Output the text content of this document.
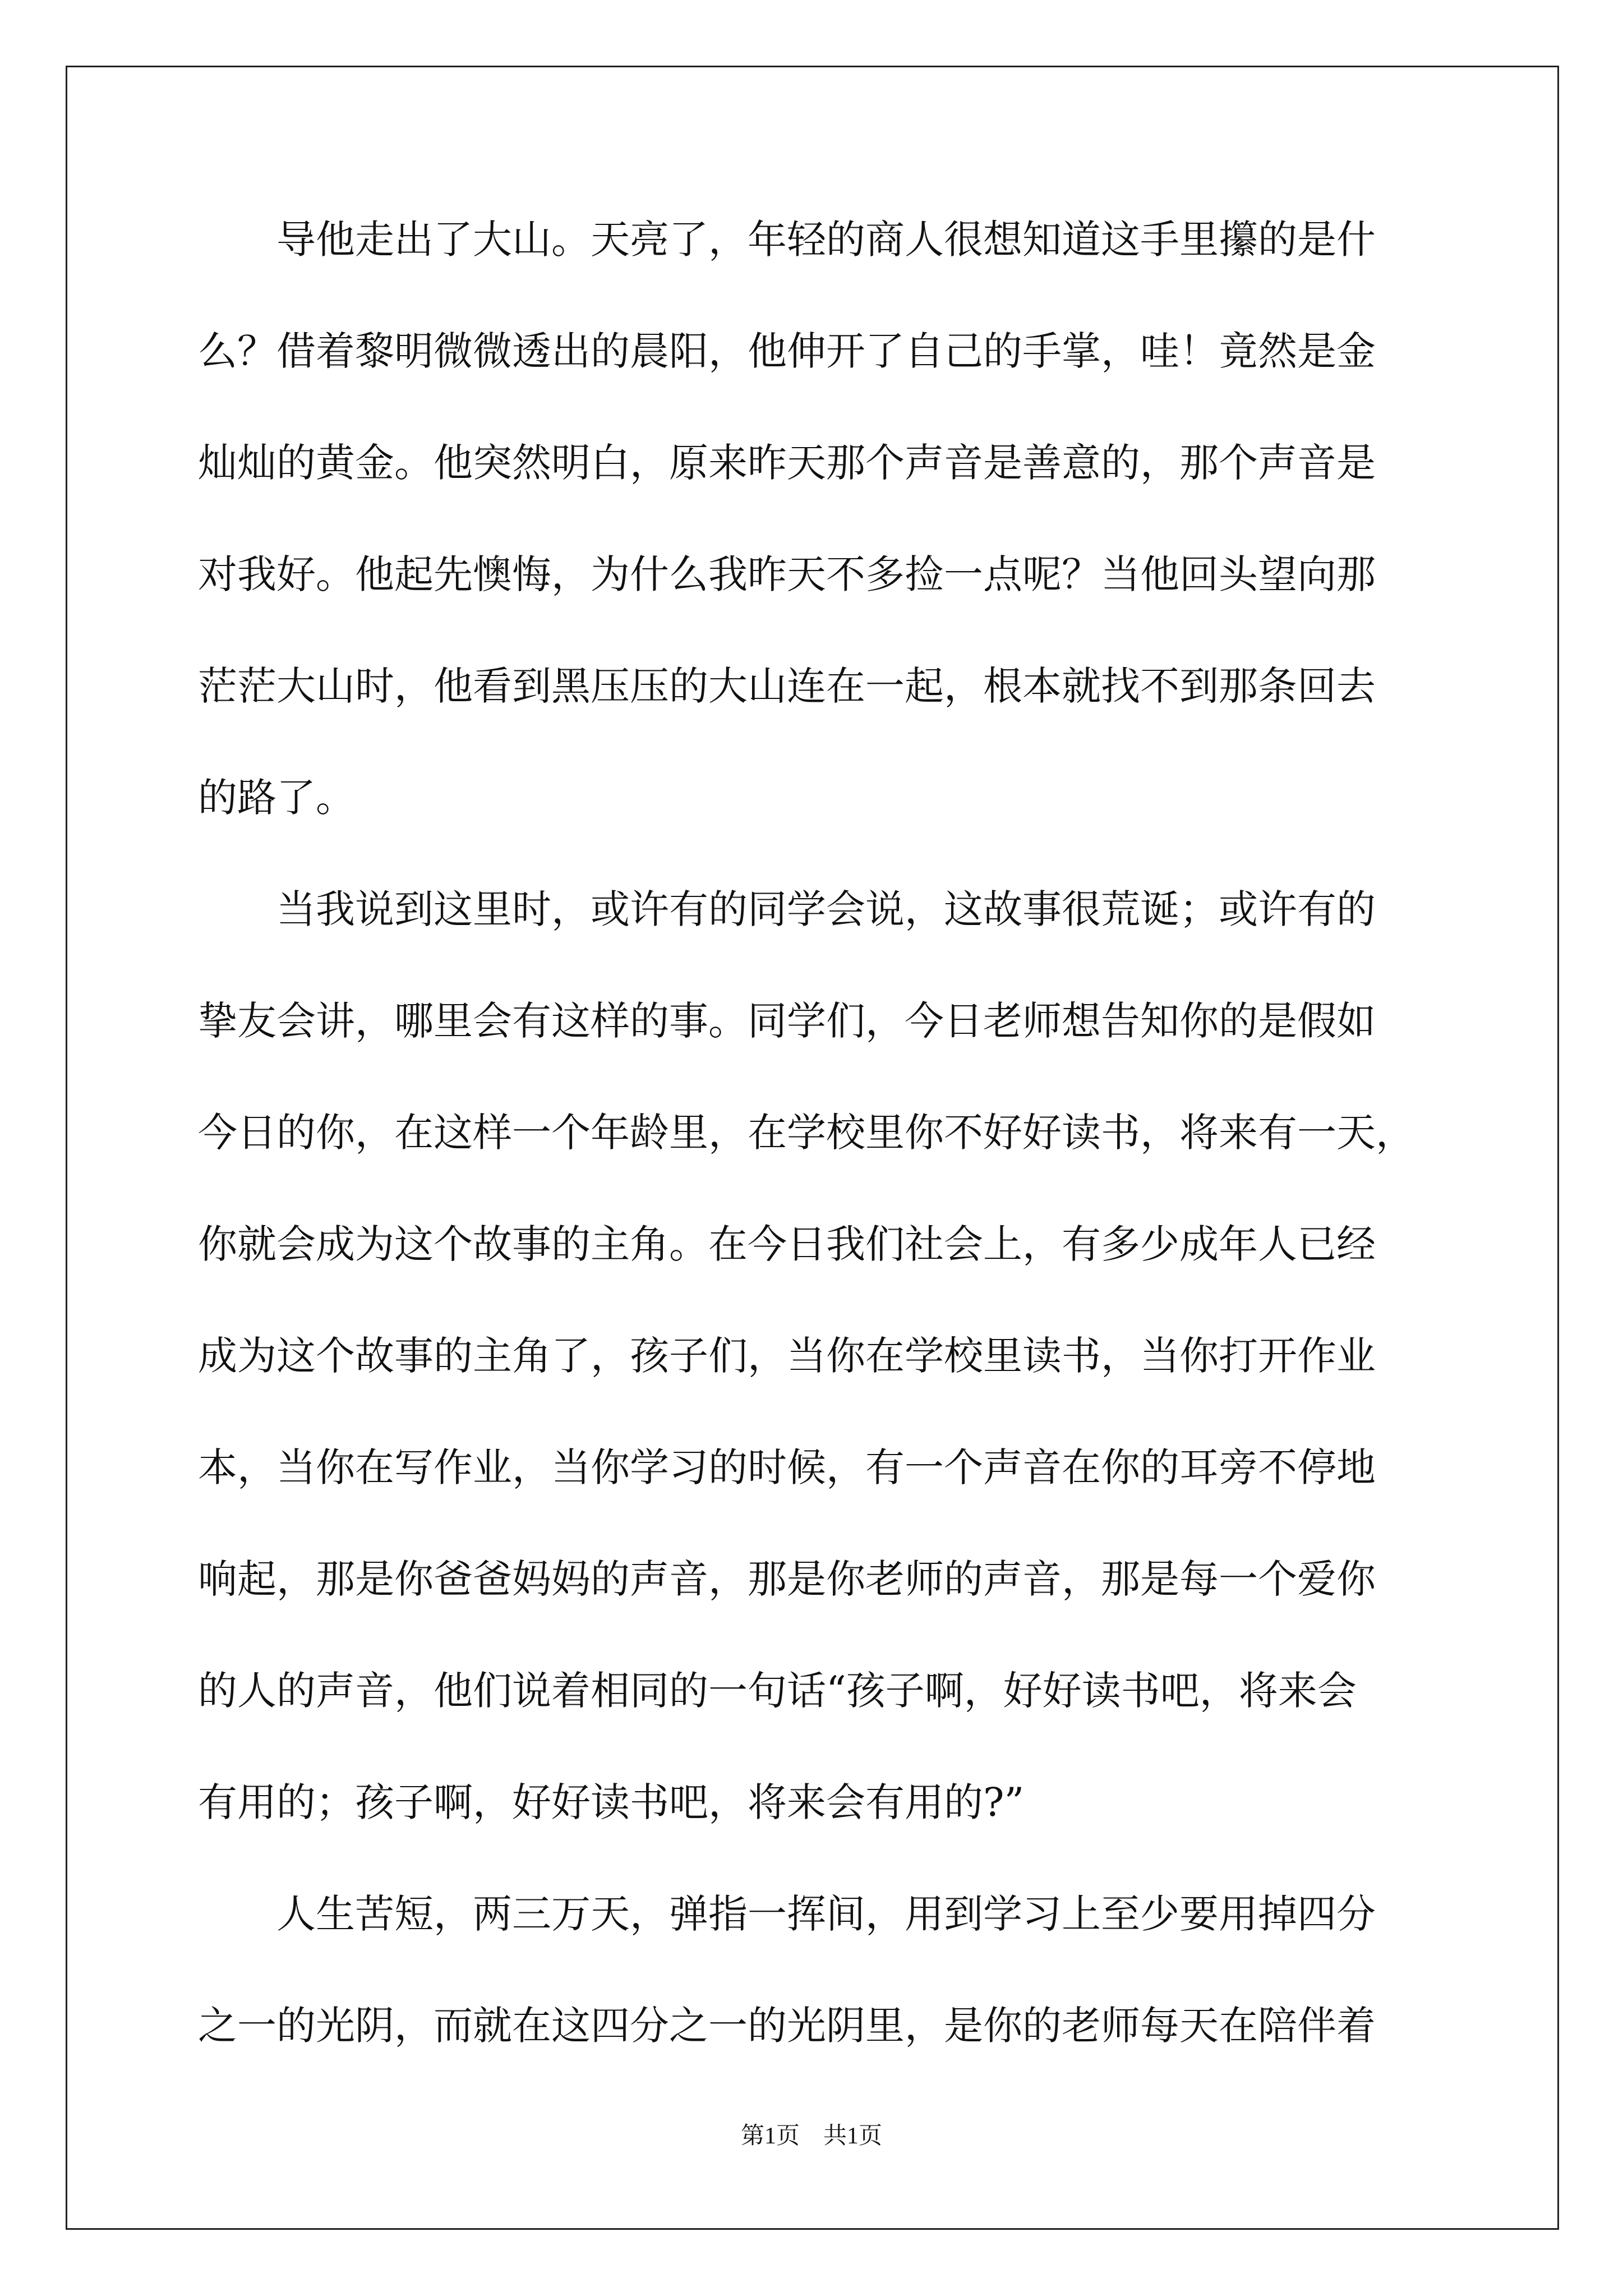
　　导他走出了大山。天亮了，年轻的商人很想知道这手里攥的是什
么？借着黎明微微透出的晨阳，他伸开了自己的手掌，哇！竟然是金
灿灿的黄金。他突然明白，原来昨天那个声音是善意的，那个声音是
对我好。他起先懊悔，为什么我昨天不多捡一点呢？当他回头望向那
茫茫大山时，他看到黑压压的大山连在一起，根本就找不到那条回去
的路了。
　　当我说到这里时，或许有的同学会说，这故事很荒诞；或许有的
挚友会讲，哪里会有这样的事。同学们，今日老师想告知你的是假如
今日的你，在这样一个年龄里，在学校里你不好好读书，将来有一天，
你就会成为这个故事的主角。在今日我们社会上，有多少成年人已经
成为这个故事的主角了，孩子们，当你在学校里读书，当你打开作业
本，当你在写作业，当你学习的时候，有一个声音在你的耳旁不停地
响起，那是你爸爸妈妈的声音，那是你老师的声音，那是每一个爱你
的人的声音，他们说着相同的一句话“孩子啊，好好读书吧，将来会
有用的；孩子啊，好好读书吧，将来会有用的?”
　　人生苦短，两三万天，弹指一挥间，用到学习上至少要用掉四分
之一的光阴，而就在这四分之一的光阴里，是你的老师每天在陪伴着
第1页　共1页
